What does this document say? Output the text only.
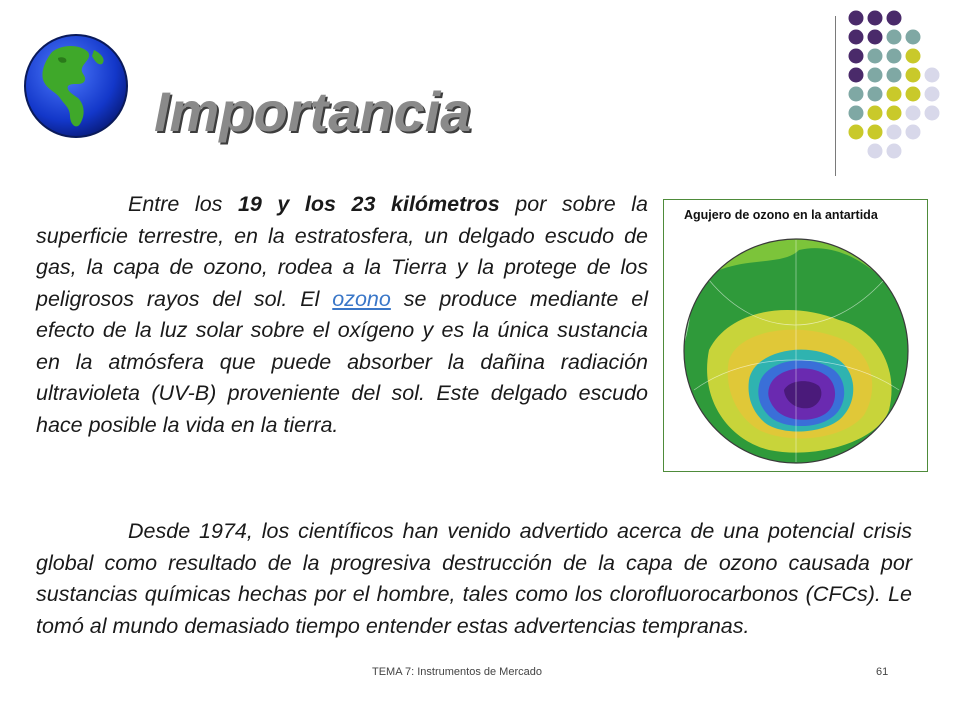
Importancia

Entre los 19 y los 23 kilómetros por sobre la superficie terrestre, en la estratosfera, un delgado escudo de gas, la capa de ozono, rodea a la Tierra y la protege de los peligrosos rayos del sol. El ozono se produce mediante el efecto de la luz solar sobre el oxígeno y es la única sustancia en la atmósfera que puede absorber la dañina radiación ultravioleta (UV-B) proveniente del sol. Este delgado escudo hace posible la vida en la tierra.

Agujero de ozono en la antartida

Desde 1974, los científicos han venido advertido acerca de una potencial crisis global como resultado de la progresiva destrucción de la capa de ozono causada por sustancias químicas hechas por el hombre, tales como los clorofluorocarbonos (CFCs). Le tomó al mundo demasiado tiempo entender estas advertencias tempranas.

TEMA 7: Instrumentos de Mercado	61
